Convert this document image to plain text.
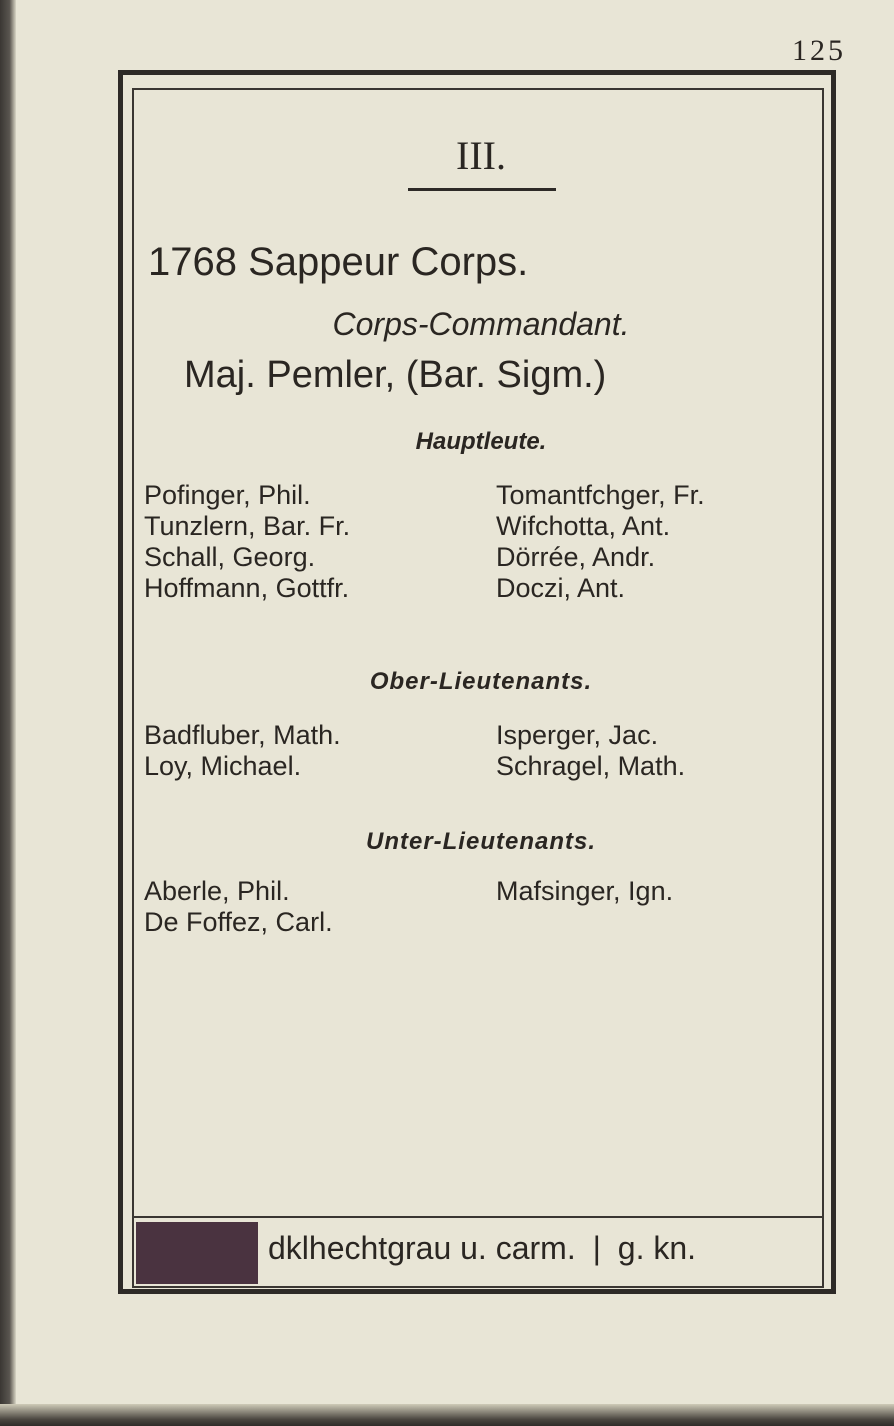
125
III.
1768 Sappeur Corps.
Corps-Commandant.
Maj. Pemler, (Bar. Sigm.)
Hauptleute.
Pofinger, Phil.
Tunzlern, Bar. Fr.
Schall, Georg.
Hoffmann, Gottfr.
Tomantfchger, Fr.
Wifchotta, Ant.
Dörrée, Andr.
Doczi, Ant.
Ober-Lieutenants.
Badfluber, Math.
Loy, Michael.
Isperger, Jac.
Schragel, Math.
Unter-Lieutenants.
Aberle, Phil.
De Foffez, Carl.
Mafsinger, Ign.
dklhechtgrau u. carm. | g. kn.
